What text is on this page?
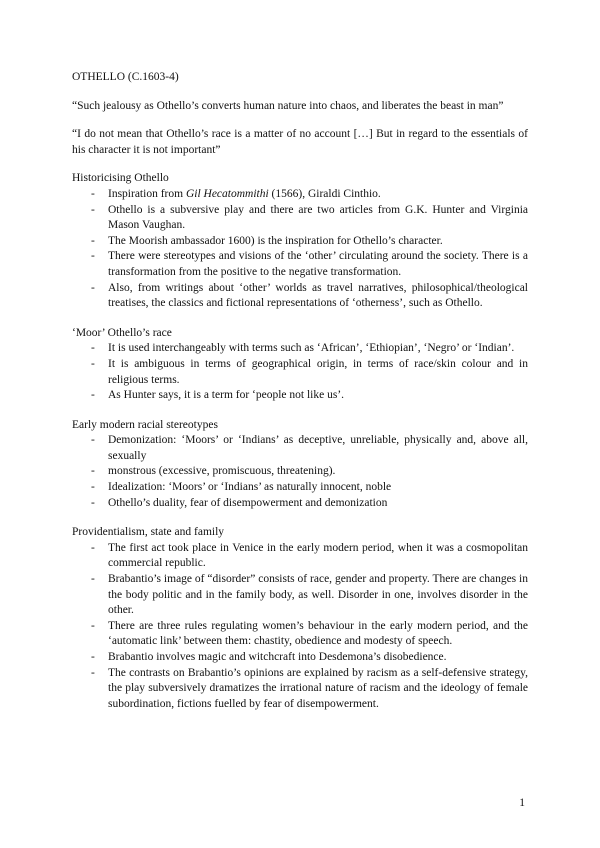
OTHELLO (C.1603-4)

“Such jealousy as Othello’s converts human nature into chaos, and liberates the beast in man”

“I do not mean that Othello’s race is a matter of no account […] But in regard to the essentials of his character it is not important”

Historicising Othello

- Inspiration from Gil Hecatommithi (1566), Giraldi Cinthio.
- Othello is a subversive play and there are two articles from G.K. Hunter and Virginia Mason Vaughan.
- The Moorish ambassador 1600) is the inspiration for Othello’s character.
- There were stereotypes and visions of the ‘other’ circulating around the society. There is a transformation from the positive to the negative transformation.
- Also, from writings about ‘other’ worlds as travel narratives, philosophical/theological treatises, the classics and fictional representations of ‘otherness’, such as Othello.

‘Moor’ Othello’s race

- It is used interchangeably with terms such as ‘African’, ‘Ethiopian’, ‘Negro’ or ‘Indian’.
- It is ambiguous in terms of geographical origin, in terms of race/skin colour and in religious terms.
- As Hunter says, it is a term for ‘people not like us’.

Early modern racial stereotypes

- Demonization: ‘Moors’ or ‘Indians’ as deceptive, unreliable, physically and, above all, sexually
- monstrous (excessive, promiscuous, threatening).
- Idealization: ‘Moors’ or ‘Indians’ as naturally innocent, noble
- Othello’s duality, fear of disempowerment and demonization

Providentialism, state and family

- The first act took place in Venice in the early modern period, when it was a cosmopolitan commercial republic.
- Brabantio’s image of “disorder” consists of race, gender and property. There are changes in the body politic and in the family body, as well. Disorder in one, involves disorder in the other.
- There are three rules regulating women’s behaviour in the early modern period, and the ‘automatic link’ between them: chastity, obedience and modesty of speech.
- Brabantio involves magic and witchcraft into Desdemona’s disobedience.
- The contrasts on Brabantio’s opinions are explained by racism as a self-defensive strategy, the play subversively dramatizes the irrational nature of racism and the ideology of female subordination, fictions fuelled by fear of disempowerment.
1
